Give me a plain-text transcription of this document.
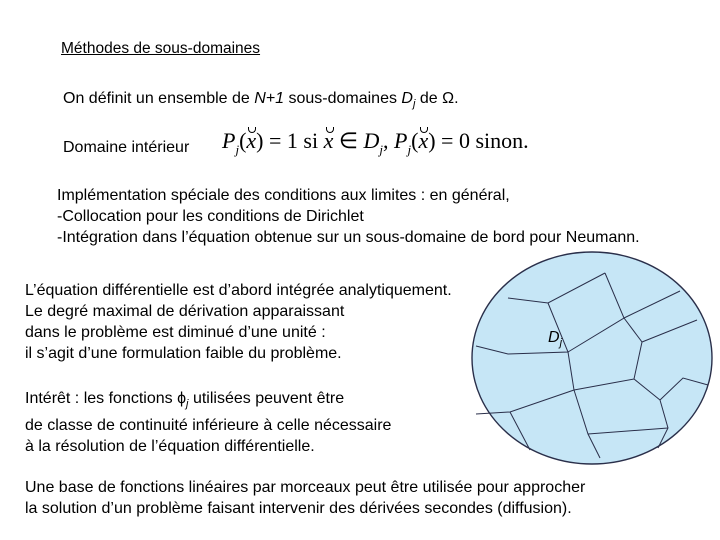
$D_j$
Méthodes de sous-domaines
On définit un ensemble de N+1 sous-domaines $D_j$ de Ω.
Domaine intérieur $P_j(x) = 1$ si x ∈ $D_j$, $P_j(x) = 0$ sinon.
Implémentation spéciale des conditions aux limites : en général,
-Collocation pour les conditions de Dirichlet
-Intégration dans l’équation obtenue sur un sous-domaine de bord pour Neumann.
L’équation différentielle est d’abord intégrée analytiquement.
Le degré maximal de dérivation apparaissant
dans le problème est diminué d’une unité :
il s’agit d’une formulation faible du problème.
Intérêt : les fonctions $\phi_j$ utilisées peuvent être
de classe de continuité inférieure à celle nécessaire
à la résolution de l’équation différentielle.
Une base de fonctions linéaires par morceaux peut être utilisée pour approcher
la solution d’un problème faisant intervenir des dérivées secondes (diffusion).
